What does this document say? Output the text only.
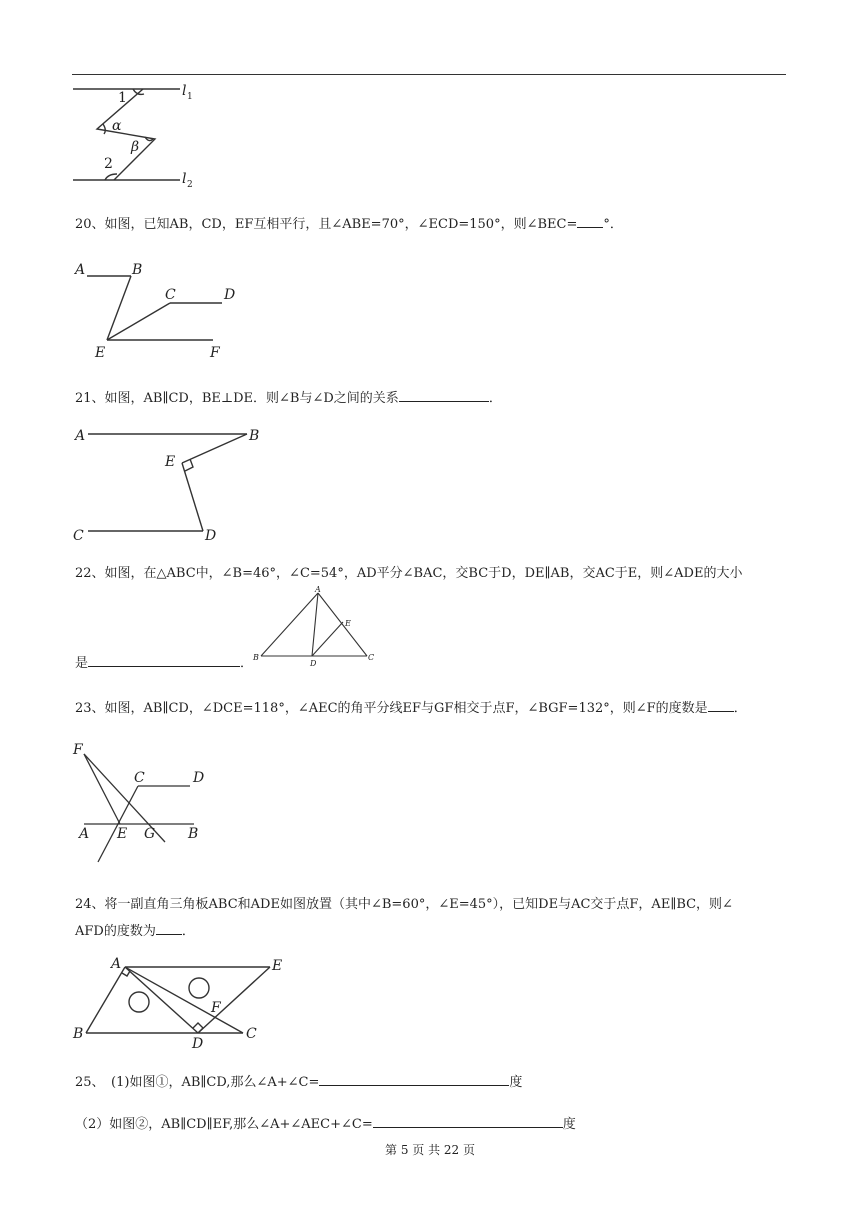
1
α
β
2
l 1
l 2
20、如图，已知AB，CD，EF互相平行，且∠ABE=70°，∠ECD=150°，则∠BEC= °．
A	B
C	D
E	F
21、如图，AB∥CD，BE⊥DE．则∠B与∠D之间的关系	．
A	B
E
C	D
22、如图，在△ABC中，∠B=46°，∠C=54°，AD平分∠BAC，交BC于D，DE∥AB，交AC于E，则∠ADE的大小
是	．
A
E
B
D
C
23、如图，AB∥CD，∠DCE=118°，∠AEC的角平分线EF与GF相交于点F，∠BGF=132°，则∠F的度数是 ．
F
C	D
A E G B
24、将一副直角三角板ABC和ADE如图放置（其中∠B=60°，∠E=45°），已知DE与AC交于点F，AE∥BC，则∠
AFD的度数为 ．
A	E
F
B
D
C
25、　(1)如图①，AB∥CD,那么∠A+∠C=	度
（2）如图②，AB∥CD∥EF,那么∠A+∠AEC+∠C=	度
第 5 页 共 22 页
